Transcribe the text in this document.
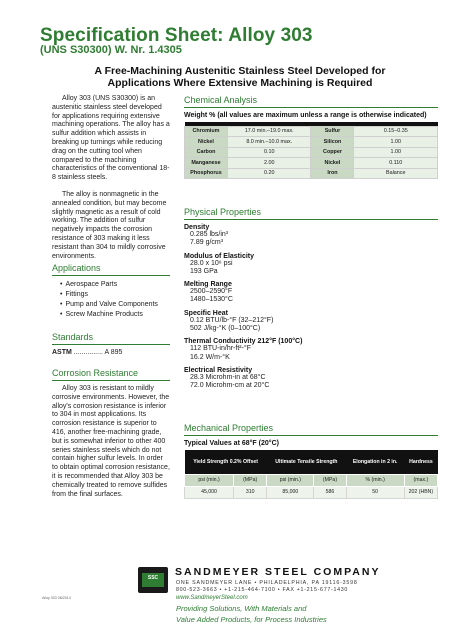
Specification Sheet: Alloy 303
(UNS S30300) W. Nr. 1.4305
A Free-Machining Austenitic Stainless Steel Developed for
Applications Where Extensive Machining is Required

Alloy 303 (UNS S30300) is an austenitic stainless steel developed for applications requiring extensive machining operations. The alloy has a sulfur addition which assists in breaking up turnings while reducing drag on the cutting tool when compared to the machining characteristics of the conventional 18-8 stainless steels.

The alloy is nonmagnetic in the annealed condition, but may become slightly magnetic as a result of cold working. The addition of sulfur negatively impacts the corrosion resistance of 303 making it less resistant than 304 to mildly corrosive environments.

Applications
• Aerospace Parts
• Fittings
• Pump and Valve Components
• Screw Machine Products
Standards
ASTM ............... A 895
Corrosion Resistance

Alloy 303 is resistant to mildly corrosive environments. However, the alloy's corrosion resistance is inferior to 304 in most applications. Its corrosion resistance is superior to 416, another free-machining grade, but is somewhat inferior to other 400 series stainless steels which do not contain higher sulfur levels. In order to obtain optimal corrosion resistance, it is recommended that Alloy 303 be chemically treated to remove sulfides from the final surfaces.

Chemical Analysis
Weight % (all values are maximum unless a range is otherwise indicated)

Chromium	17.0 min.–19.0 max.	Sulfur	0.15–0.35
Nickel	8.0 min.–10.0 max.	Silicon	1.00
Carbon	0.10	Copper	1.00
Manganese	2.00	Nickel	0.110
Phosphorus	0.20	Iron	Balance
Physical Properties
Density
0.285 lbs/in³
7.89 g/cm³
Modulus of Elasticity
28.0 x 10⁶ psi
193 GPa
Melting Range
2500–2590°F
1480–1530°C
Specific Heat
0.12 BTU/lb-°F (32–212°F)
502 J/kg-°K (0–100°C)
Thermal Conductivity 212°F (100°C)
112 BTU-in/hr-ft²-°F
16.2 W/m-°K
Electrical Resistivity
28.3 Microhm-in at 68°C
72.0 Microhm-cm at 20°C
Mechanical Properties
Typical Values at 68°F (20°C)
Yield Strength 0.2% Offset		Ultimate Tensile Strength		Elongation in 2 in.	Hardness
psi (min.)	(MPa)	psi (min.)	(MPa)	% (min.)	(max.)
45,000	310	85,000	586	50	202 (HBN)
Alloy 303 08/2014
SSC	SANDMEYER STEEL COMPANY
ONE SANDMEYER LANE • PHILADELPHIA, PA 19116-3598
800-523-3663 • +1-215-464-7100 • FAX +1-215-677-1430
www.SandmeyerSteel.com
Providing Solutions, With Materials and
Value Added Products, for Process Industries
